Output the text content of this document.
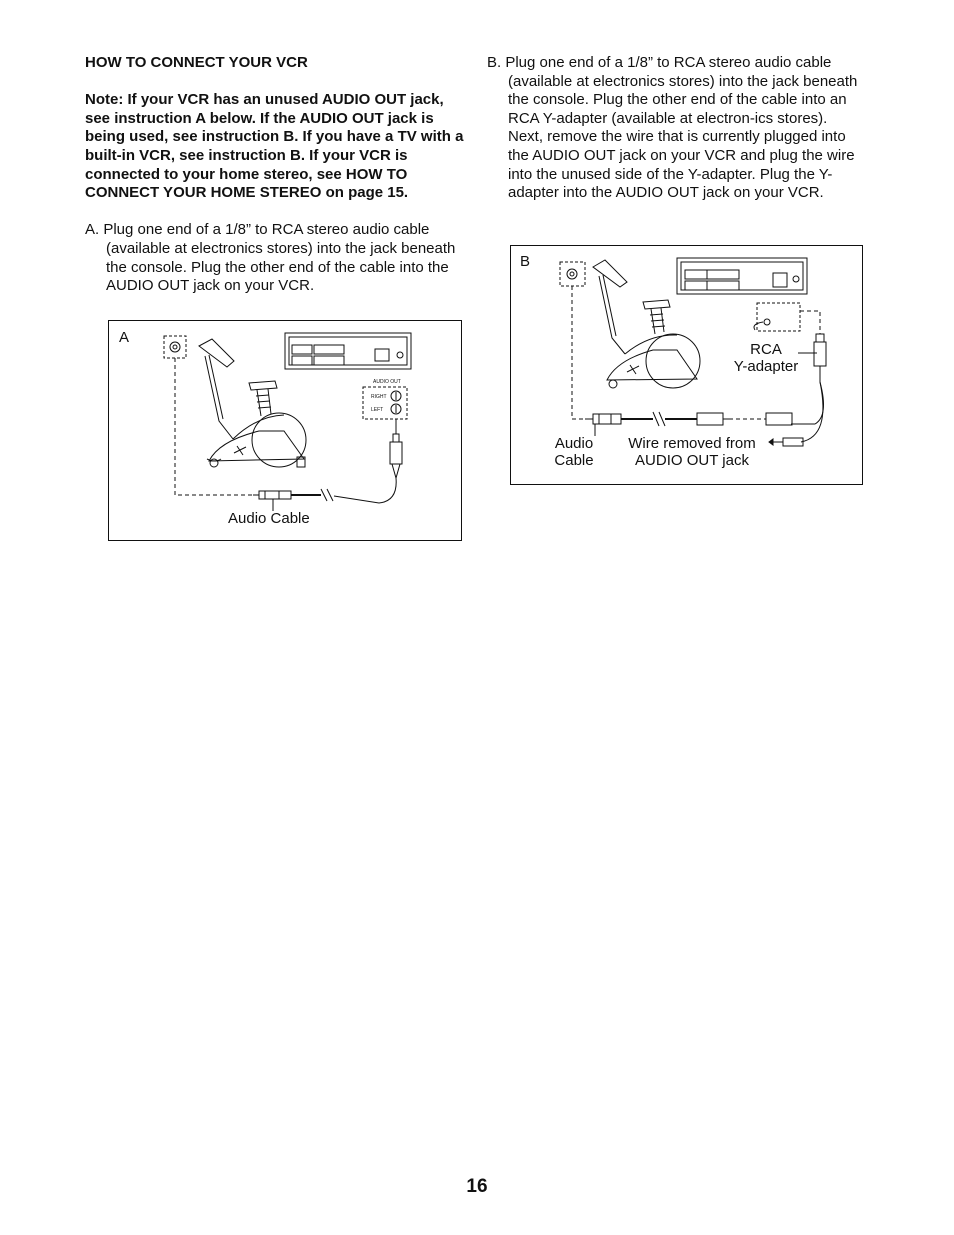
HOW TO CONNECT YOUR VCR

Note: If your VCR has an unused AUDIO OUT jack, see instruction A below. If the AUDIO OUT jack is being used, see instruction B. If you have a TV with a built-in VCR, see instruction B. If your VCR is connected to your home stereo, see HOW TO CONNECT YOUR HOME STEREO on page 15.

A. Plug one end of a 1/8” to RCA stereo audio cable (available at electronics stores) into the jack beneath the console. Plug the other end of the cable into the AUDIO OUT jack on your VCR.

B. Plug one end of a 1/8” to RCA stereo audio cable (available at electronics stores) into the jack beneath the console. Plug the other end of the cable into an RCA Y-adapter (available at electron-ics stores). Next, remove the wire that is currently plugged into the AUDIO OUT jack on your VCR and plug the wire into the unused side of the Y-adapter. Plug the Y-adapter into the AUDIO OUT jack on your VCR.

AUDIO OUT
RIGHT
LEFT
A
Audio Cable
B
RCA
Y-adapter
Audio
Cable
Wire removed from
AUDIO OUT jack
16
